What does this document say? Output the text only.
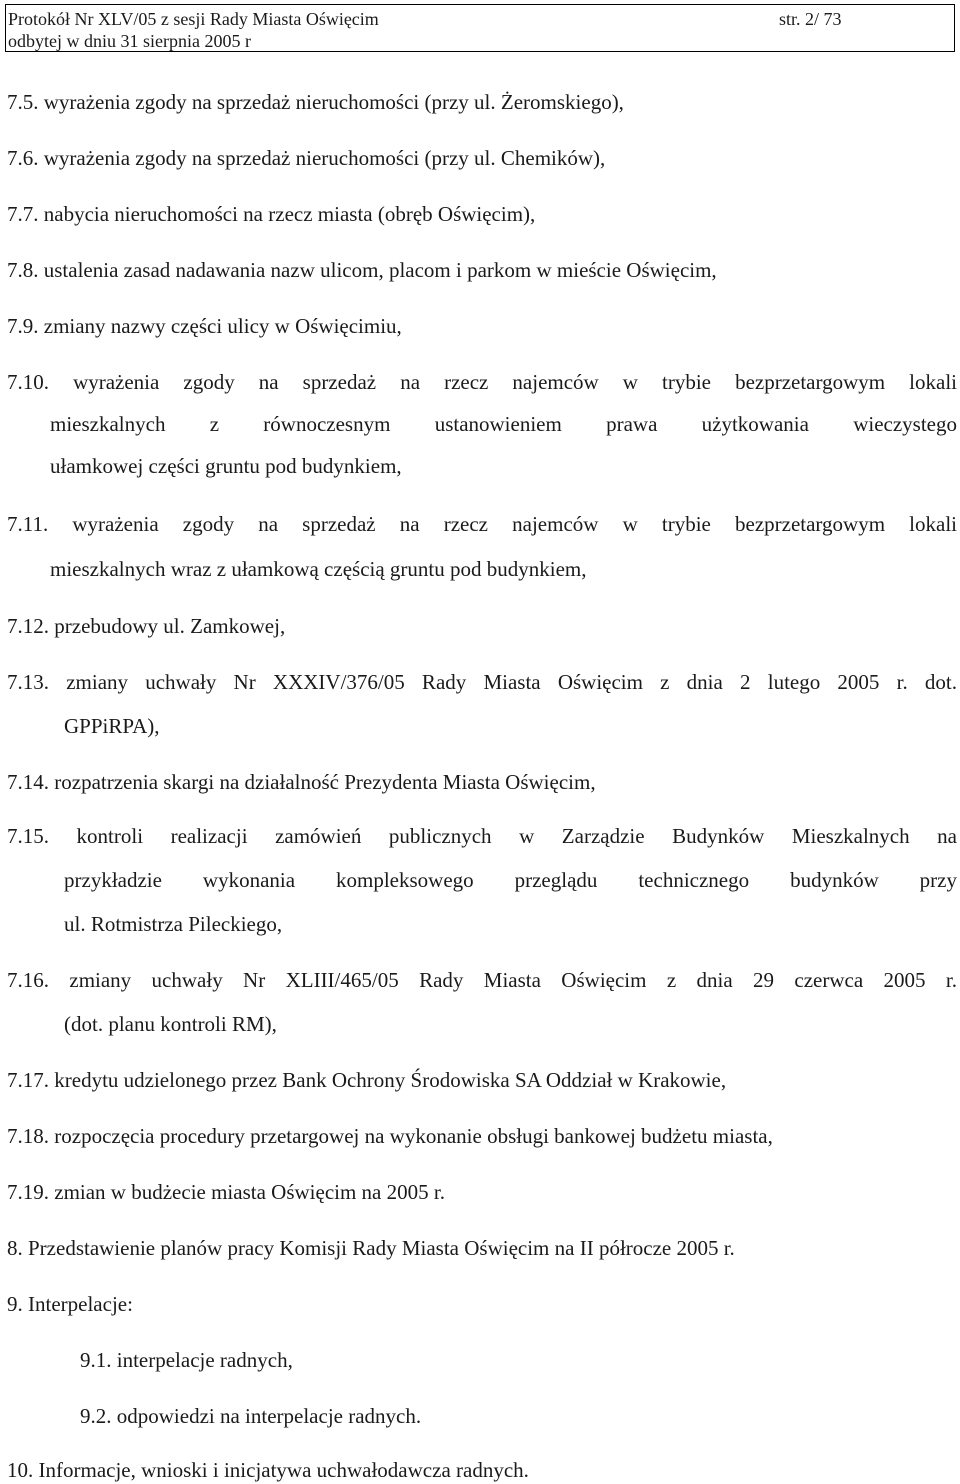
Protokół Nr XLV/05 z sesji Rady Miasta Oświęcim
odbytej w dniu 31 sierpnia 2005 r
str. 2/ 73
7.5. wyrażenia zgody na sprzedaż nieruchomości (przy ul. Żeromskiego),
7.6. wyrażenia zgody na sprzedaż nieruchomości (przy ul. Chemików),
7.7. nabycia nieruchomości na rzecz miasta (obręb Oświęcim),
7.8. ustalenia zasad nadawania nazw ulicom, placom i parkom w mieście Oświęcim,
7.9. zmiany nazwy części ulicy w Oświęcimiu,
7.10. wyrażenia zgody na sprzedaż na rzecz najemców w trybie bezprzetargowym lokali
mieszkalnych z równoczesnym ustanowieniem prawa użytkowania wieczystego
ułamkowej części gruntu pod budynkiem,
7.11. wyrażenia zgody na sprzedaż na rzecz najemców w trybie bezprzetargowym lokali
mieszkalnych wraz z ułamkową częścią gruntu pod budynkiem,
7.12. przebudowy ul. Zamkowej,
7.13. zmiany uchwały Nr XXXIV/376/05 Rady Miasta Oświęcim z dnia 2 lutego 2005 r. dot.
GPPiRPA),
7.14. rozpatrzenia skargi na działalność Prezydenta Miasta Oświęcim,
7.15. kontroli realizacji zamówień publicznych w Zarządzie Budynków Mieszkalnych na
przykładzie wykonania kompleksowego przeglądu technicznego budynków przy
ul. Rotmistrza Pileckiego,
7.16. zmiany uchwały Nr XLIII/465/05 Rady Miasta Oświęcim z dnia 29 czerwca 2005 r.
(dot. planu kontroli RM),
7.17. kredytu udzielonego przez Bank Ochrony Środowiska SA Oddział w Krakowie,
7.18. rozpoczęcia procedury przetargowej na wykonanie obsługi bankowej budżetu miasta,
7.19. zmian w budżecie miasta Oświęcim na 2005 r.
8. Przedstawienie planów pracy Komisji Rady Miasta Oświęcim na II półrocze 2005 r.
9. Interpelacje:
9.1. interpelacje radnych,
9.2. odpowiedzi na interpelacje radnych.
10. Informacje, wnioski i inicjatywa uchwałodawcza radnych.
